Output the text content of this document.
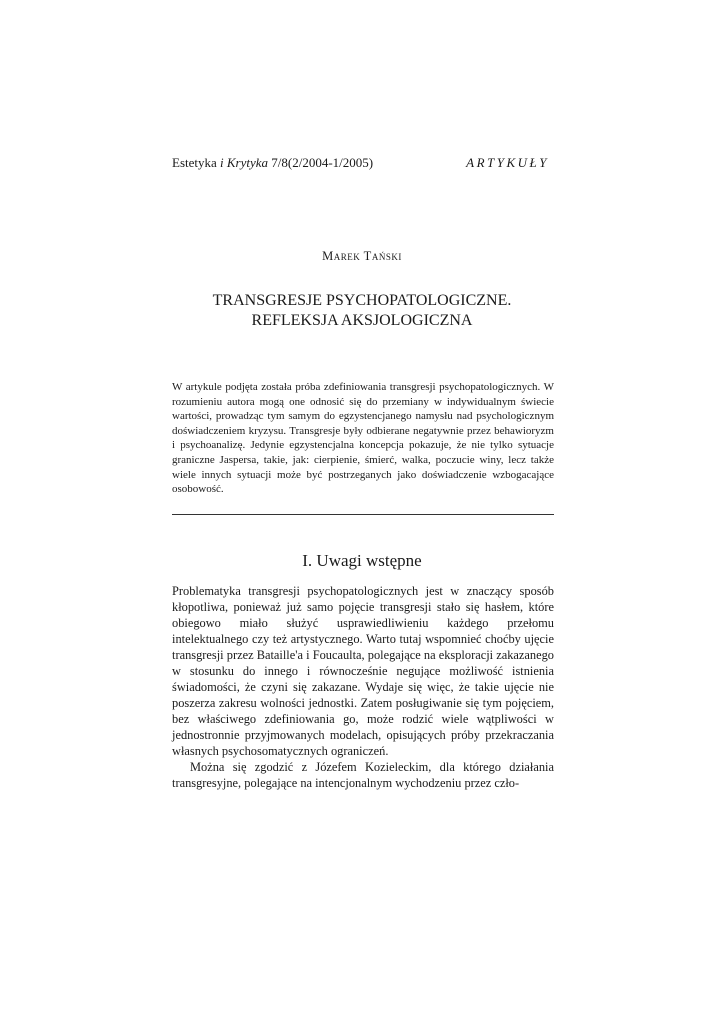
Estetyka i Krytyka 7/8(2/2004-1/2005)	ARTYKUŁY
Marek Tański
TRANSGRESJE PSYCHOPATOLOGICZNE.
REFLEKSJA AKSJOLOGICZNA
W artykule podjęta została próba zdefiniowania transgresji psychopatologicznych. W rozumieniu autora mogą one odnosić się do przemiany w indywidualnym świecie wartości, prowadząc tym samym do egzystencjanego namysłu nad psychologicznym doświadczeniem kryzysu. Transgresje były odbierane negatywnie przez behawioryzm i psychoanalizę. Jedynie egzystencjalna koncepcja pokazuje, że nie tylko sytuacje graniczne Jaspersa, takie, jak: cierpienie, śmierć, walka, poczucie winy, lecz także wiele innych sytuacji może być postrzeganych jako doświadczenie wzbogacające osobowość.
I. Uwagi wstępne

Problematyka transgresji psychopatologicznych jest w znaczący sposób kłopotliwa, ponieważ już samo pojęcie transgresji stało się hasłem, które obiegowo miało służyć usprawiedliwieniu każdego przełomu intelektualnego czy też artystycznego. Warto tutaj wspomnieć choćby ujęcie transgresji przez Bataille'a i Foucaulta, polegające na eksploracji zakazanego w stosunku do innego i równocześnie negujące możliwość istnienia świadomości, że czyni się zakazane. Wydaje się więc, że takie ujęcie nie poszerza zakresu wolności jednostki. Zatem posługiwanie się tym pojęciem, bez właściwego zdefiniowania go, może rodzić wiele wątpliwości w jednostronnie przyjmowanych modelach, opisujących próby przekraczania własnych psychosomatycznych ograniczeń.

Można się zgodzić z Józefem Kozieleckim, dla którego działania transgresyjne, polegające na intencjonalnym wychodzeniu przez czło-
